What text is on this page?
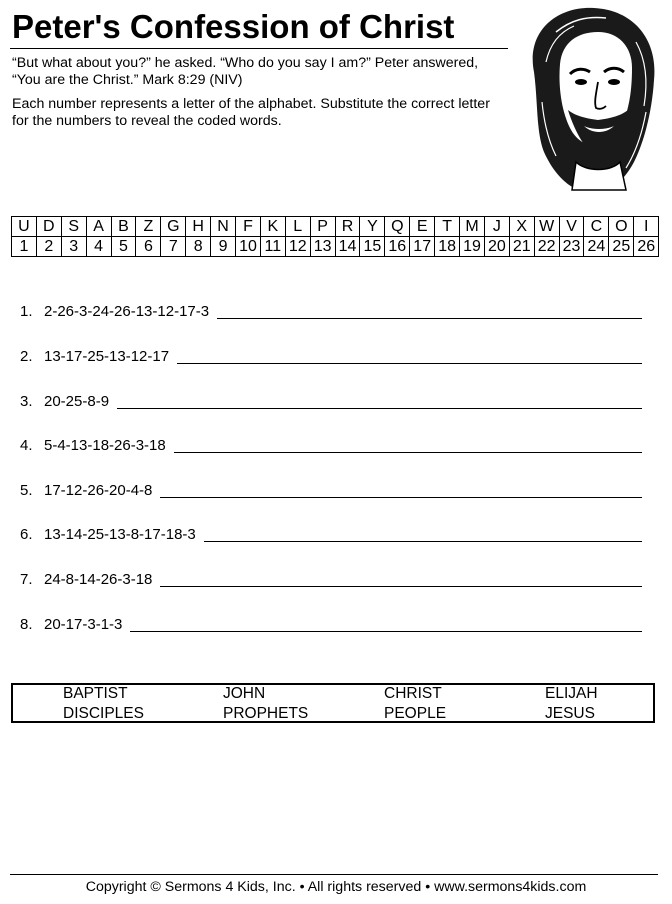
Peter's Confession of Christ
“But what about you?” he asked. “Who do you say I am?” Peter answered, “You are the Christ.” Mark 8:29 (NIV)
Each number represents a letter of the alphabet. Substitute the correct letter for the numbers to reveal the coded words.
U	D	S	A	B	Z	G	H	N	F	K	L	P	R	Y	Q	E	T	M	J	X	W	V	C	O	I
1	2	3	4	5	6	7	8	9	10	11	12	13	14	15	16	17	18	19	20	21	22	23	24	25	26
1. 2-26-3-24-26-13-12-17-3
2. 13-17-25-13-12-17
3. 20-25-8-9
4. 5-4-13-18-26-3-18
5. 17-12-26-20-4-8
6. 13-14-25-13-8-17-18-3
7. 24-8-14-26-3-18
8. 20-17-3-1-3
BAPTIST	JOHN	CHRIST	ELIJAH
DISCIPLES	PROPHETS	PEOPLE	JESUS
Copyright © Sermons 4 Kids, Inc. • All rights reserved • www.sermons4kids.com
